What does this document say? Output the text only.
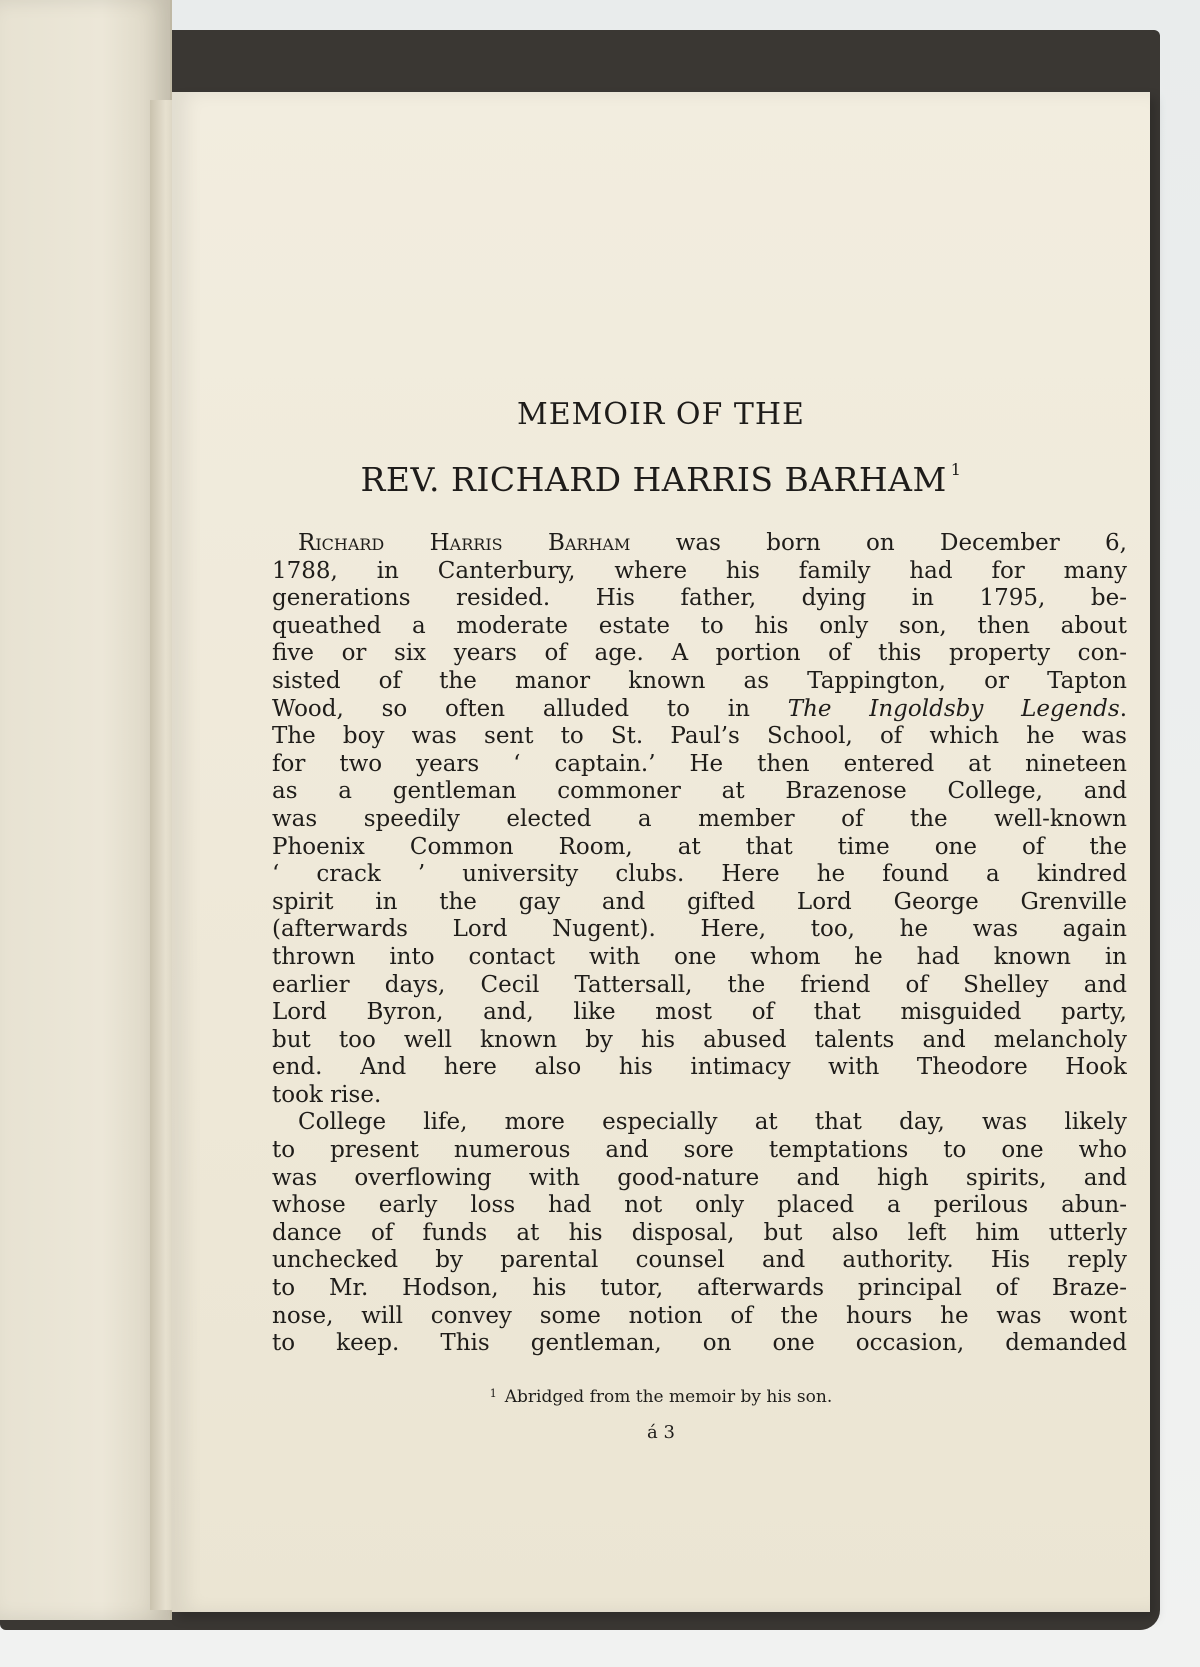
MEMOIR OF THE
REV. RICHARD HARRIS BARHAM $^1$
Richard Harris Barham was born on December 6,
1788, in Canterbury, where his family had for many
generations resided. His father, dying in 1795, be-
queathed a moderate estate to his only son, then about
five or six years of age. A portion of this property con-
sisted of the manor known as Tappington, or Tapton
Wood, so often alluded to in The Ingoldsby Legends.
The boy was sent to St. Paul’s School, of which he was
for two years ‘ captain.’ He then entered at nineteen
as a gentleman commoner at Brazenose College, and
was speedily elected a member of the well-known
Phoenix Common Room, at that time one of the
‘ crack ’ university clubs. Here he found a kindred
spirit in the gay and gifted Lord George Grenville
(afterwards Lord Nugent). Here, too, he was again
thrown into contact with one whom he had known in
earlier days, Cecil Tattersall, the friend of Shelley and
Lord Byron, and, like most of that misguided party,
but too well known by his abused talents and melancholy
end. And here also his intimacy with Theodore Hook
took rise.
College life, more especially at that day, was likely
to present numerous and sore temptations to one who
was overflowing with good-nature and high spirits, and
whose early loss had not only placed a perilous abun-
dance of funds at his disposal, but also left him utterly
unchecked by parental counsel and authority. His reply
to Mr. Hodson, his tutor, afterwards principal of Braze-
nose, will convey some notion of the hours he was wont
to keep. This gentleman, on one occasion, demanded
$^1$ Abridged from the memoir by his son.
á 3
